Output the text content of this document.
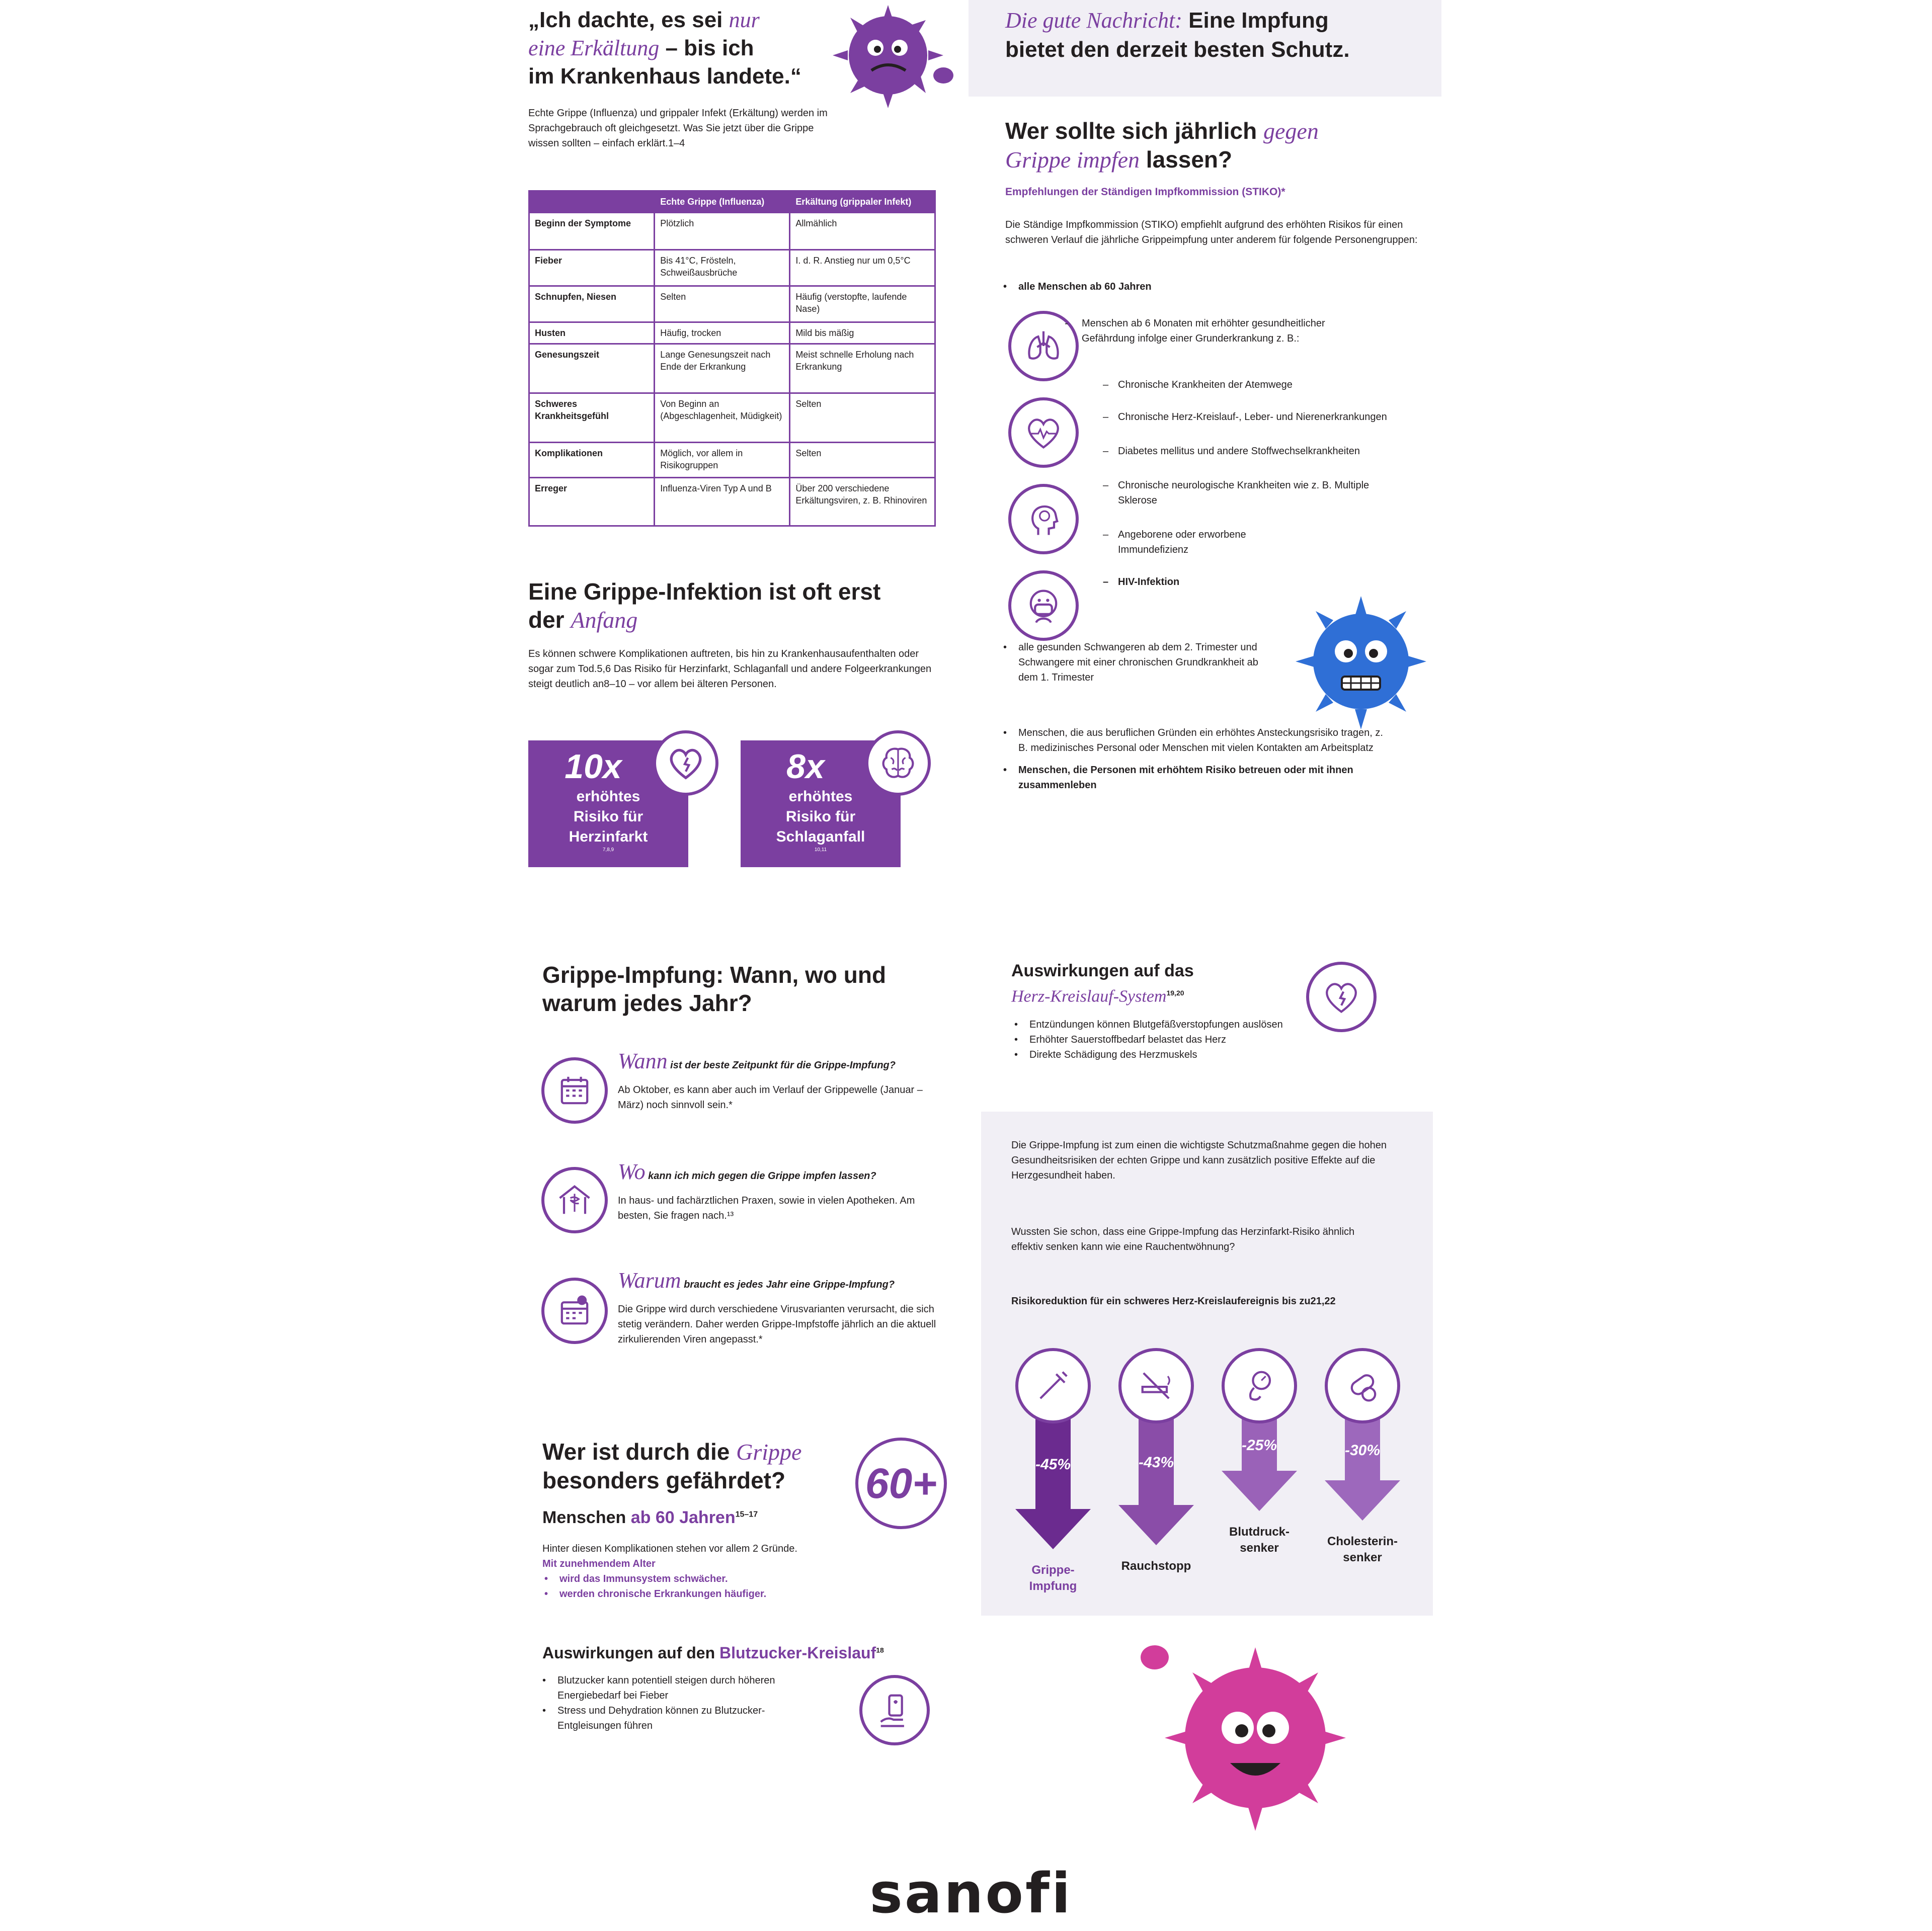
„Ich dachte, es sei nur
eine Erkältung – bis ich
im Krankenhaus landete.“
Echte Grippe (Influenza) und grippaler Infekt (Erkältung) werden im Sprachgebrauch oft gleichgesetzt. Was Sie jetzt über die Grippe wissen sollten – einfach erklärt.1–4
	Echte Grippe (Influenza)	Erkältung (grippaler Infekt)
Beginn der Symptome	Plötzlich	Allmählich
Fieber	Bis 41°C, Frösteln, Schweißausbrüche	I. d. R. Anstieg nur um 0,5°C
Schnupfen, Niesen	Selten	Häufig (verstopfte, laufende Nase)
Husten	Häufig, trocken	Mild bis mäßig
Genesungszeit	Lange Genesungszeit nach Ende der Erkrankung	Meist schnelle Erholung nach Erkrankung
Schweres Krankheitsgefühl	Von Beginn an (Abgeschlagenheit, Müdigkeit)	Selten
Komplikationen	Möglich, vor allem in Risikogruppen	Selten
Erreger	Influenza-Viren Typ A und B	Über 200 verschiedene Erkältungsviren, z. B. Rhinoviren
Eine Grippe-Infektion ist oft erst
der Anfang
Es können schwere Komplikationen auftreten, bis hin zu Krankenhausaufenthalten oder sogar zum Tod.5,6 Das Risiko für Herzinfarkt, Schlaganfall und andere Folgeerkrankungen steigt deutlich an8–10 – vor allem bei älteren Personen.
10x
erhöhtes
Risiko für
Herzinfarkt
7,8,9
8x
erhöhtes
Risiko für
Schlaganfall
10,11
Die gute Nachricht: Eine Impfung
bietet den derzeit besten Schutz.
Wer sollte sich jährlich gegen
Grippe impfen lassen?
Empfehlungen der Ständigen Impfkommission (STIKO)*
Die Ständige Impfkommission (STIKO) empfiehlt aufgrund des erhöhten Risikos für einen schweren Verlauf die jährliche Grippeimpfung unter anderem für folgende Personengruppen:
• alle Menschen ab 60 Jahren
- Menschen ab 6 Monaten mit erhöhter gesundheitlicher Gefährdung infolge einer Grunderkrankung z. B.:
– Chronische Krankheiten der Atemwege
– Chronische Herz-Kreislauf-, Leber- und Nierenerkrankungen
– Diabetes mellitus und andere Stoffwechselkrankheiten
– Chronische neurologische Krankheiten wie z. B. Multiple Sklerose
– Angeborene oder erworbene Immundefizienz
– HIV-Infektion
• alle gesunden Schwangeren ab dem 2. Trimester und Schwangere mit einer chronischen Grundkrankheit ab dem 1. Trimester
• Menschen, die aus beruflichen Gründen ein erhöhtes Ansteckungsrisiko tragen, z. B. medizinisches Personal oder Menschen mit vielen Kontakten am Arbeitsplatz
• Menschen, die Personen mit erhöhtem Risiko betreuen oder mit ihnen zusammenleben
Grippe-Impfung: Wann, wo und
warum jedes Jahr?
Wann ist der beste Zeitpunkt für die Grippe-Impfung?
Ab Oktober, es kann aber auch im Verlauf der Grippewelle (Januar – März) noch sinnvoll sein.*
Wo kann ich mich gegen die Grippe impfen lassen?
In haus- und fachärztlichen Praxen, sowie in vielen Apotheken. Am besten, Sie fragen nach.¹³
Warum braucht es jedes Jahr eine Grippe-Impfung?
Die Grippe wird durch verschiedene Virusvarianten verursacht, die sich stetig verändern. Daher werden Grippe-Impfstoffe jährlich an die aktuell zirkulierenden Viren angepasst.*
Wer ist durch die Grippe
besonders gefährdet?
Menschen ab 60 Jahren$^{15-17}$
60+
Hinter diesen Komplikationen stehen vor allem 2 Gründe.
Mit zunehmendem Alter
• wird das Immunsystem schwächer.
• werden chronische Erkrankungen häufiger.
Auswirkungen auf den Blutzucker-Kreislauf$^{18}$
• Blutzucker kann potentiell steigen durch höheren Energiebedarf bei Fieber
• Stress und Dehydration können zu Blutzucker-Entgleisungen führen
Auswirkungen auf das
Herz-Kreislauf-System$^{19,20}$
• Entzündungen können Blutgefäßverstopfungen auslösen
• Erhöhter Sauerstoffbedarf belastet das Herz
• Direkte Schädigung des Herzmuskels
Die Grippe-Impfung ist zum einen die wichtigste Schutzmaßnahme gegen die hohen Gesundheitsrisiken der echten Grippe und kann zusätzlich positive Effekte auf die Herzgesundheit haben.
Wussten Sie schon, dass eine Grippe-Impfung das Herzinfarkt-Risiko ähnlich effektiv senken kann wie eine Rauchentwöhnung?
Risikoreduktion für ein schweres Herz-Kreislaufereignis bis zu21,22
-45%
Grippe-
Impfung
-43%
Rauchstopp
-25%
Blutdruck-
senker
-30%
Cholesterin-
senker
sanofi
